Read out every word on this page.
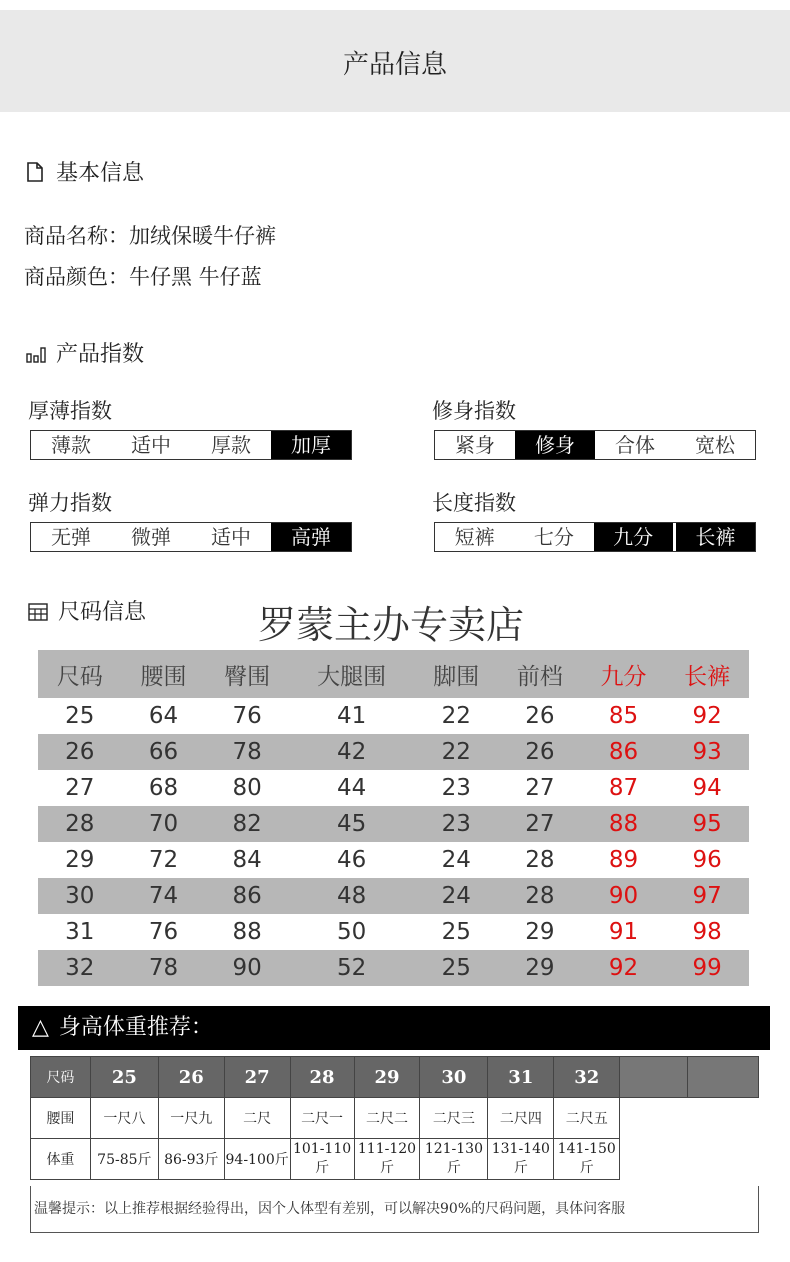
产品信息
基本信息
商品名称：加绒保暖牛仔裤
商品颜色：牛仔黑 牛仔蓝
产品指数
厚薄指数
薄款	适中	厚款	加厚
修身指数
紧身	修身	合体	宽松
弹力指数
无弹	微弹	适中	高弹
长度指数
短裤	七分	九分	长裤
尺码信息	罗蒙主办专卖店
尺码	腰围	臀围	大腿围	脚围	前档	九分	长裤
25	64	76	41	22	26	85	92
26	66	78	42	22	26	86	93
27	68	80	44	23	27	87	94
28	70	82	45	23	27	88	95
29	72	84	46	24	28	89	96
30	74	86	48	24	28	90	97
31	76	88	50	25	29	91	98
32	78	90	52	25	29	92	99
△ 身高体重推荐：
尺码	25	26	27	28	29	30	31	32		
腰围	一尺八	一尺九	二尺	二尺一	二尺二	二尺三	二尺四	二尺五		
体重	75-85斤	86-93斤	94-100斤	101-110斤	111-120斤	121-130斤	131-140斤	141-150斤		
温馨提示：以上推荐根据经验得出，因个人体型有差别，可以解决90%的尺码问题，具体问客服
